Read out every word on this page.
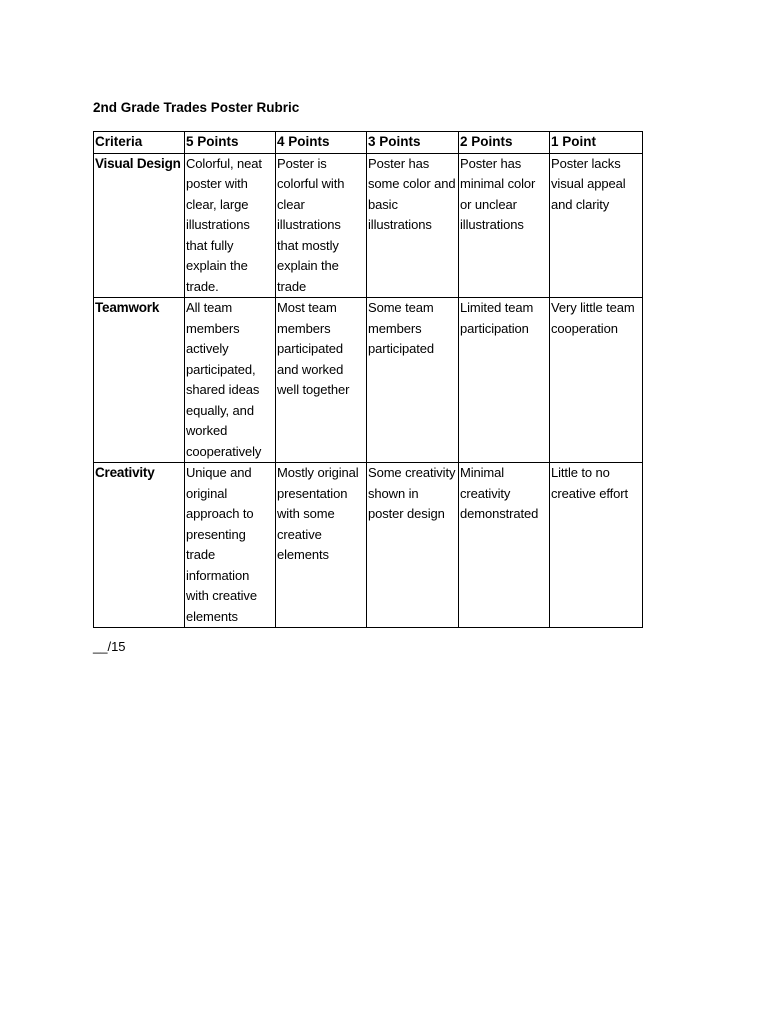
2nd Grade Trades Poster Rubric
Criteria	5 Points	4 Points	3 Points	2 Points	1 Point
Visual Design	Colorful, neat poster with clear, large illustrations that fully explain the trade.	Poster is colorful with clear illustrations that mostly explain the trade	Poster has some color and basic illustrations	Poster has minimal color or unclear illustrations	Poster lacks visual appeal and clarity
Teamwork	All team members actively participated, shared ideas equally, and worked cooperatively	Most team members participated and worked well together	Some team members participated	Limited team participation	Very little team cooperation
Creativity	Unique and original approach to presenting trade information with creative elements	Mostly original presentation with some creative elements	Some creativity shown in poster design	Minimal creativity demonstrated	Little to no creative effort
__/15
